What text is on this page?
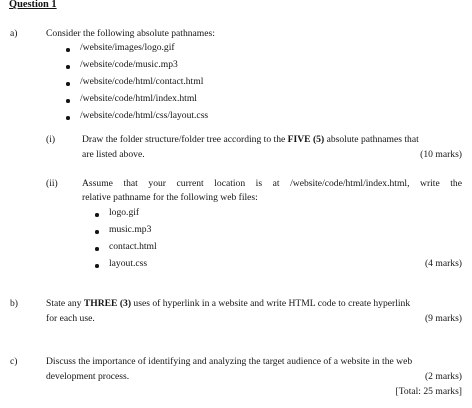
Question 1
a)	Consider the following absolute pathnames:
/website/images/logo.gif
/website/code/music.mp3
/website/code/html/contact.html
/website/code/html/index.html
/website/code/html/css/layout.css
(i)	Draw the folder structure/folder tree according to the FIVE (5) absolute pathnames that
are listed above.	(10 marks)
(ii)	Assume that your current location is at /website/code/html/index.html, write the
relative pathname for the following web files:
logo.gif
music.mp3
contact.html
layout.css	(4 marks)
b)	State any THREE (3) uses of hyperlink in a website and write HTML code to create hyperlink
for each use.	(9 marks)
c)	Discuss the importance of identifying and analyzing the target audience of a website in the web
development process.	(2 marks)
[Total: 25 marks]
